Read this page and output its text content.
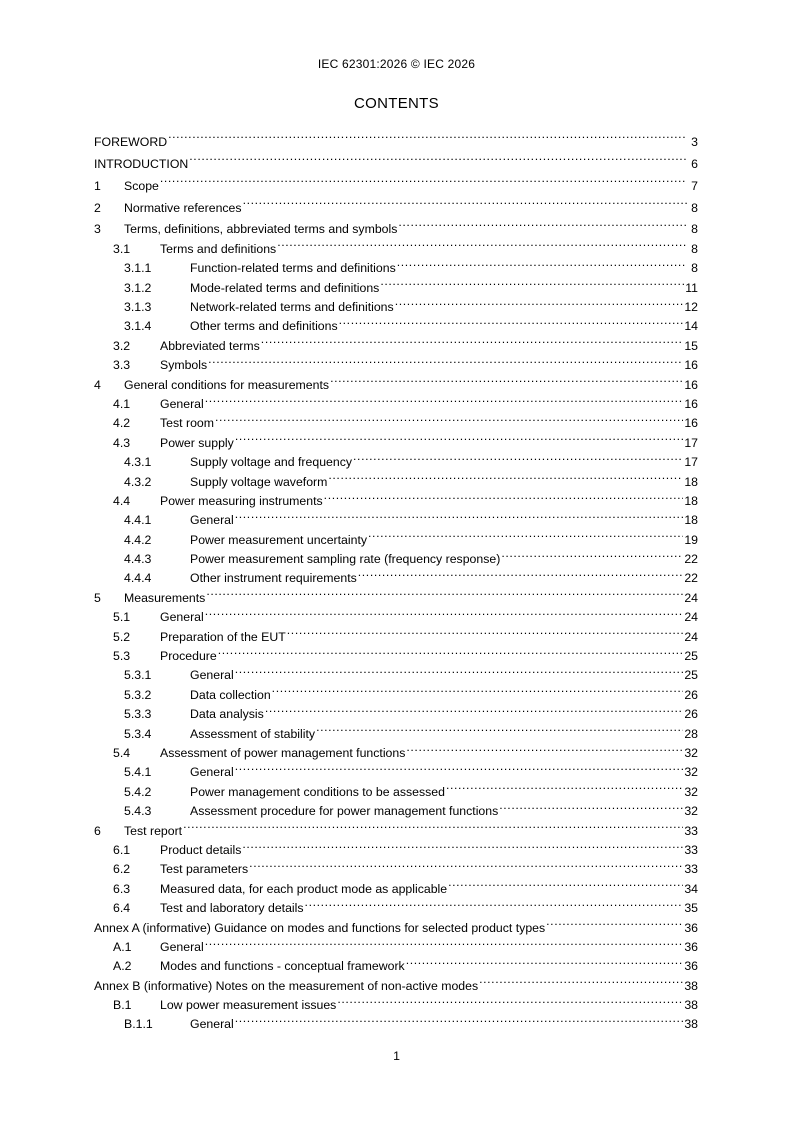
IEC 62301:2026 © IEC 2026
CONTENTS
FOREWORD .....	3
INTRODUCTION .....	6
1	Scope .....	7
2	Normative references .....	8
3	Terms, definitions, abbreviated terms and symbols .....	8
3.1	Terms and definitions .....	8
3.1.1	Function-related terms and definitions .....	8
3.1.2	Mode-related terms and definitions .....	11
3.1.3	Network-related terms and definitions .....	12
3.1.4	Other terms and definitions .....	14
3.2	Abbreviated terms .....	15
3.3	Symbols .....	16
4	General conditions for measurements .....	16
4.1	General .....	16
4.2	Test room .....	16
4.3	Power supply .....	17
4.3.1	Supply voltage and frequency .....	17
4.3.2	Supply voltage waveform .....	18
4.4	Power measuring instruments .....	18
4.4.1	General .....	18
4.4.2	Power measurement uncertainty .....	19
4.4.3	Power measurement sampling rate (frequency response) .....	22
4.4.4	Other instrument requirements .....	22
5	Measurements .....	24
5.1	General .....	24
5.2	Preparation of the EUT .....	24
5.3	Procedure .....	25
5.3.1	General .....	25
5.3.2	Data collection .....	26
5.3.3	Data analysis .....	26
5.3.4	Assessment of stability .....	28
5.4	Assessment of power management functions .....	32
5.4.1	General .....	32
5.4.2	Power management conditions to be assessed .....	32
5.4.3	Assessment procedure for power management functions .....	32
6	Test report .....	33
6.1	Product details .....	33
6.2	Test parameters .....	33
6.3	Measured data, for each product mode as applicable .....	34
6.4	Test and laboratory details .....	35
Annex A (informative) Guidance on modes and functions for selected product types .....	36
A.1	General .....	36
A.2	Modes and functions - conceptual framework .....	36
Annex B (informative) Notes on the measurement of non-active modes .....	38
B.1	Low power measurement issues .....	38
B.1.1	General .....	38
1
